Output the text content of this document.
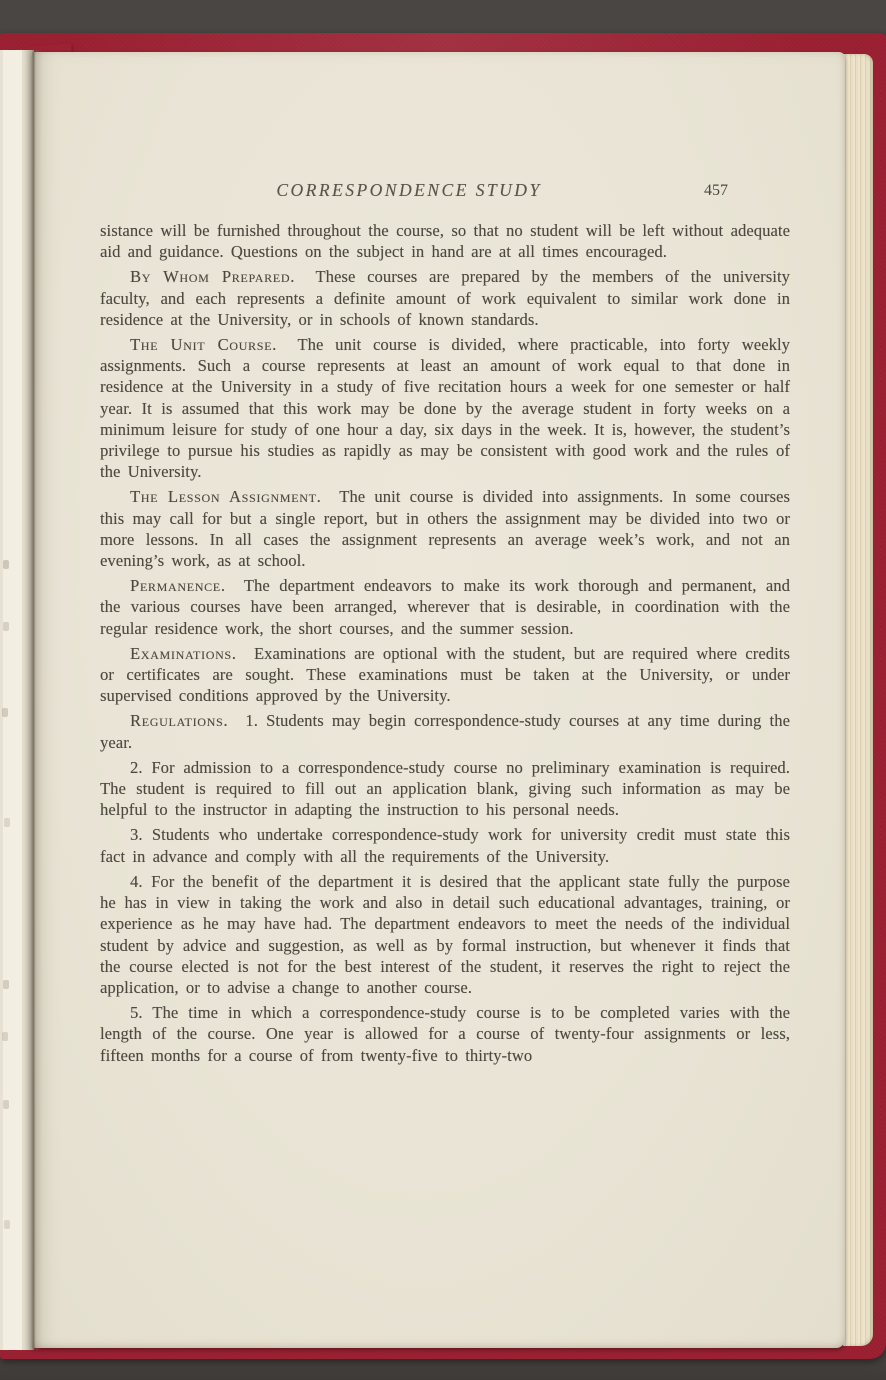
CORRESPONDENCE STUDY	457

sistance will be furnished throughout the course, so that no student will be left without adequate aid and guidance. Questions on the subject in hand are at all times encouraged.

By Whom Prepared. These courses are prepared by the members of the university faculty, and each represents a definite amount of work equivalent to similar work done in residence at the University, or in schools of known standards.

The Unit Course. The unit course is divided, where practicable, into forty weekly assignments. Such a course represents at least an amount of work equal to that done in residence at the University in a study of five recitation hours a week for one semester or half year. It is assumed that this work may be done by the average student in forty weeks on a minimum leisure for study of one hour a day, six days in the week. It is, however, the student’s privilege to pursue his studies as rapidly as may be consistent with good work and the rules of the University.

The Lesson Assignment. The unit course is divided into assignments. In some courses this may call for but a single report, but in others the assignment may be divided into two or more lessons. In all cases the assignment represents an average week’s work, and not an evening’s work, as at school.

Permanence. The department endeavors to make its work thorough and permanent, and the various courses have been arranged, wherever that is desirable, in coordination with the regular residence work, the short courses, and the summer session.

Examinations. Examinations are optional with the student, but are required where credits or certificates are sought. These examinations must be taken at the University, or under supervised conditions approved by the University.

Regulations. 1. Students may begin correspondence-study courses at any time during the year.

2. For admission to a correspondence-study course no preliminary examination is required. The student is required to fill out an application blank, giving such information as may be helpful to the instructor in adapting the instruction to his personal needs.

3. Students who undertake correspondence-study work for university credit must state this fact in advance and comply with all the requirements of the University.

4. For the benefit of the department it is desired that the applicant state fully the purpose he has in view in taking the work and also in detail such educational advantages, training, or experience as he may have had. The department endeavors to meet the needs of the individual student by advice and suggestion, as well as by formal instruction, but whenever it finds that the course elected is not for the best interest of the student, it reserves the right to reject the application, or to advise a change to another course.

5. The time in which a correspondence-study course is to be completed varies with the length of the course. One year is allowed for a course of twenty-four assignments or less, fifteen months for a course of from twenty-five to thirty-two
